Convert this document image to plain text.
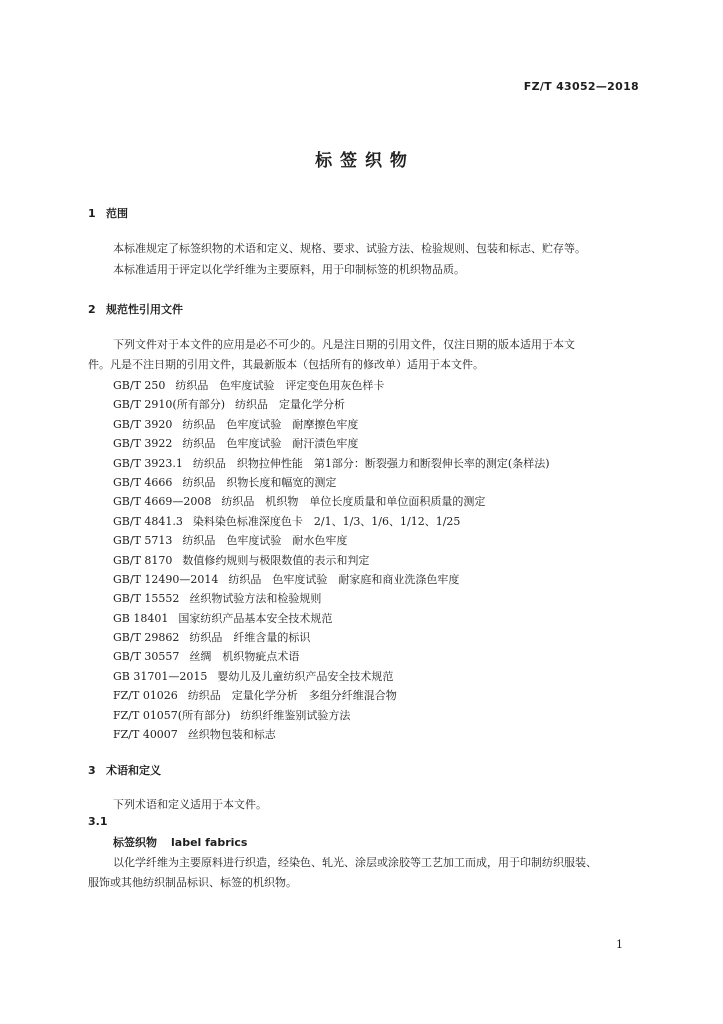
FZ/T 43052—2018
标 签 织 物
1 范围
本标准规定了标签织物的术语和定义、规格、要求、试验方法、检验规则、包装和标志、贮存等。
本标准适用于评定以化学纤维为主要原料，用于印制标签的机织物品质。
2 规范性引用文件
下列文件对于本文件的应用是必不可少的。凡是注日期的引用文件，仅注日期的版本适用于本文
件。凡是不注日期的引用文件，其最新版本（包括所有的修改单）适用于本文件。
GB/T 250 纺织品　色牢度试验　评定变色用灰色样卡
GB/T 2910(所有部分) 纺织品　定量化学分析
GB/T 3920 纺织品　色牢度试验　耐摩擦色牢度
GB/T 3922 纺织品　色牢度试验　耐汗渍色牢度
GB/T 3923.1 纺织品　织物拉伸性能　第1部分：断裂强力和断裂伸长率的测定(条样法)
GB/T 4666 纺织品　织物长度和幅宽的测定
GB/T 4669—2008 纺织品　机织物　单位长度质量和单位面积质量的测定
GB/T 4841.3 染料染色标准深度色卡　2/1、1/3、1/6、1/12、1/25
GB/T 5713 纺织品　色牢度试验　耐水色牢度
GB/T 8170 数值修约规则与极限数值的表示和判定
GB/T 12490—2014 纺织品　色牢度试验　耐家庭和商业洗涤色牢度
GB/T 15552 丝织物试验方法和检验规则
GB 18401 国家纺织产品基本安全技术规范
GB/T 29862 纺织品　纤维含量的标识
GB/T 30557 丝绸　机织物疵点术语
GB 31701—2015 婴幼儿及儿童纺织产品安全技术规范
FZ/T 01026 纺织品　定量化学分析　多组分纤维混合物
FZ/T 01057(所有部分) 纺织纤维鉴别试验方法
FZ/T 40007 丝织物包装和标志
3 术语和定义
下列术语和定义适用于本文件。
3.1
标签织物 label fabrics
以化学纤维为主要原料进行织造，经染色、轧光、涂层或涂胶等工艺加工而成，用于印制纺织服装、
服饰或其他纺织制品标识、标签的机织物。
1
